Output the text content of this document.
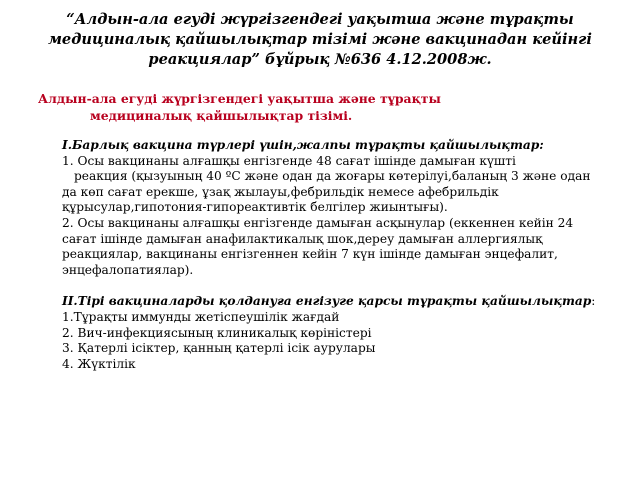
“Алдын-ала егуді жүргізгендегі уақытша және тұрақты
медициналық қайшылықтар тізімі және вакцинадан кейінгі
реакциялар” бұйрық №636 4.12.2008ж.
Алдын-ала егуді жүргізгендегі уақытша және тұрақты
медициналық қайшылықтар тізімі.
І.Барлық вакцина түрлері үшін,жалпы тұрақты қайшылықтар:
1. Осы вакцинаны алғашқы енгізгенде 48 сағат ішінде дамыған күшті
реакция (қызуының 40 ºС және одан да жоғары көтерілуі,баланың 3 және одан да көп сағат ерекше, ұзақ жылауы,фебрильдік немесе афебрильдік құрысулар,гипотония-гипореактивтік белгілер жиынтығы).
2. Осы вакцинаны алғашқы енгізгенде дамыған асқынулар (еккеннен кейін 24 сағат ішінде дамыған анафилактикалық шок,дереу дамыған аллергиялық реакциялар, вакцинаны енгізгеннен кейін 7 күн ішінде дамыған энцефалит, энцефалопатиялар).
ІІ.Тірі вакциналарды қолдануға енгізуге қарсы тұрақты қайшылықтар:
1.Тұрақты иммунды жетіспеушілік жағдай
2. Вич-инфекциясының клиникалық көріністері
3. Қатерлі ісіктер, қанның қатерлі ісік аурулары
4. Жүктілік
